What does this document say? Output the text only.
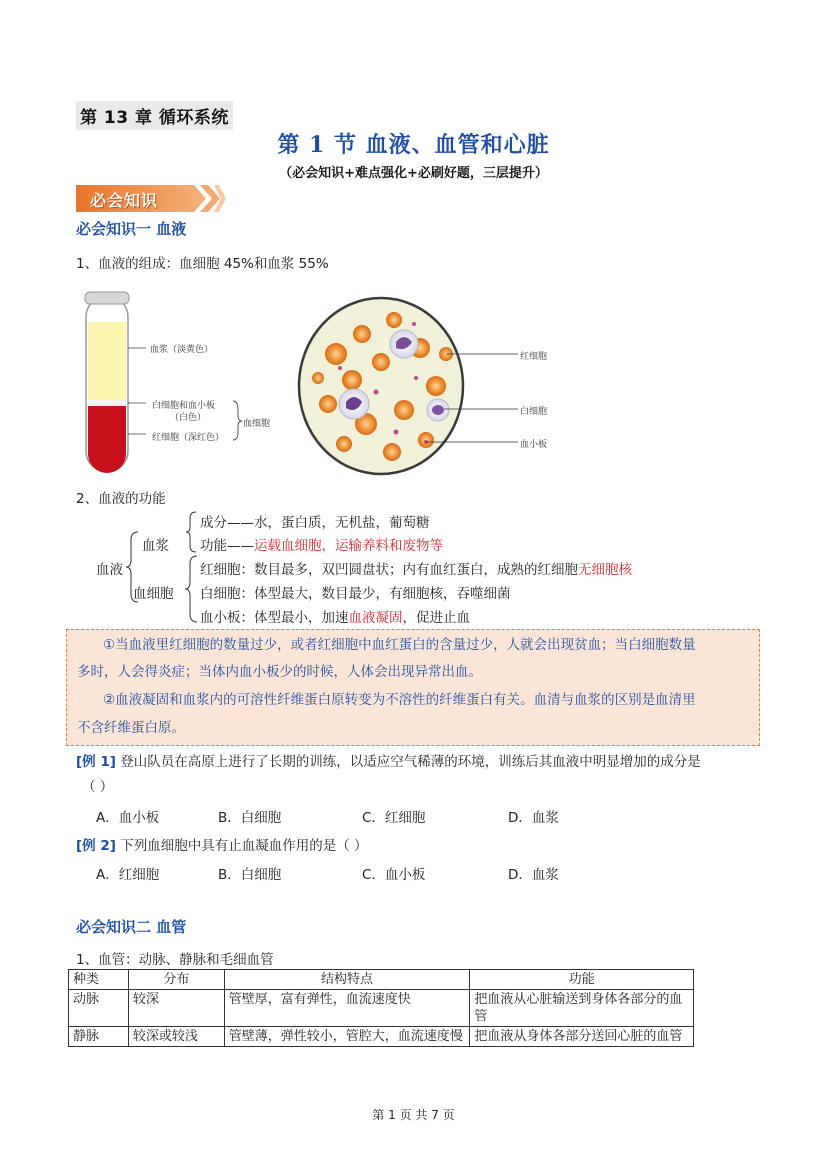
第 13 章 循环系统
第 1 节 血液、血管和心脏
（必会知识+难点强化+必刷好题，三层提升）
必会知识
必会知识一 血液
1、血液的组成：血细胞 45%和血浆 55%
血浆（淡黄色）
白细胞和血小板
（白色）
红细胞（深红色）
血细胞
红细胞
白细胞
血小板
2、血液的功能
血液
血浆
成分——水，蛋白质，无机盐，葡萄糖
功能——运载血细胞，运输养料和废物等
血细胞
红细胞：数目最多，双凹圆盘状；内有血红蛋白，成熟的红细胞无细胞核
白细胞：体型最大，数目最少，有细胞核，吞噬细菌
血小板：体型最小，加速血液凝固，促进止血
①当血液里红细胞的数量过少，或者红细胞中血红蛋白的含量过少，人就会出现贫血；当白细胞数量
多时，人会得炎症；当体内血小板少的时候，人体会出现异常出血。
②血液凝固和血浆内的可溶性纤维蛋白原转变为不溶性的纤维蛋白有关。血清与血浆的区别是血清里
不含纤维蛋白原。
[例 1] 登山队员在高原上进行了长期的训练，以适应空气稀薄的环境，训练后其血液中明显增加的成分是
（ ）
A．血小板	B．白细胞	C．红细胞	D．血浆
[例 2] 下列血细胞中具有止血凝血作用的是（ ）
A．红细胞	B．白细胞	C．血小板	D．血浆
必会知识二 血管
1、血管：动脉、静脉和毛细血管
种类	分布	结构特点	功能
动脉	较深	管壁厚，富有弹性，血流速度快	把血液从心脏输送到身体各部分的血管
静脉	较深或较浅	管壁薄，弹性较小，管腔大，血流速度慢	把血液从身体各部分送回心脏的血管
第 1 页 共 7 页
